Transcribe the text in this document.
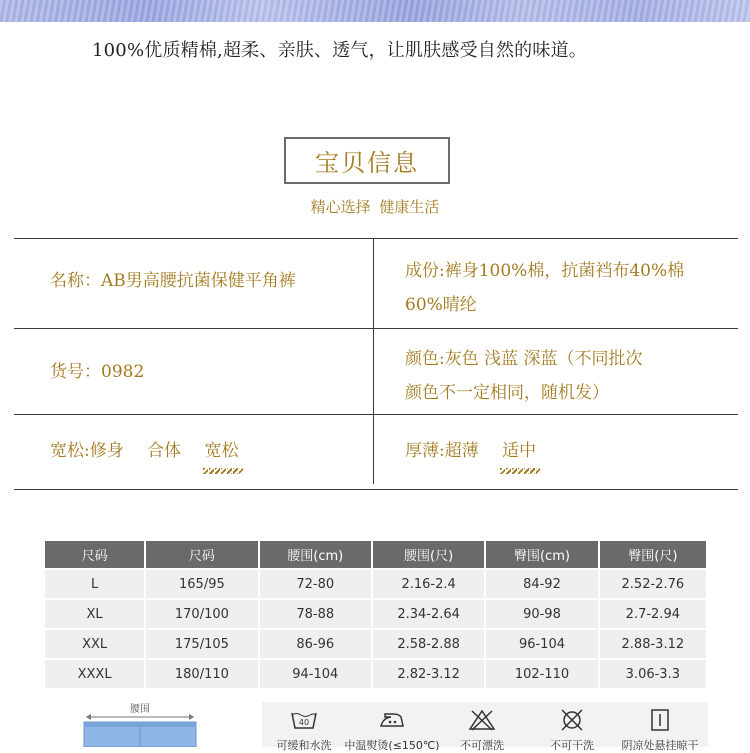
100%优质精棉,超柔、亲肤、透气，让肌肤感受自然的味道。
宝贝信息
精心选择 健康生活
名称：AB男高腰抗菌保健平角裤	成份:裤身100%棉，抗菌裆布40%棉
60%晴纶
货号：0982
颜色:灰色 浅蓝 深蓝（不同批次
颜色不一定相同，随机发）
宽松:修身 合体 宽松	厚薄:超薄 适中
尺码	尺码	腰围(cm)	腰围(尺)	臀围(cm)	臀围(尺)
L	165/95	72-80	2.16-2.4	84-92	2.52-2.76
XL	170/100	78-88	2.34-2.64	90-98	2.7-2.94
XXL	175/105	86-96	2.58-2.88	96-104	2.88-3.12
XXXL	180/110	94-104	2.82-3.12	102-110	3.06-3.3
腰围
40
可缓和水洗	中温熨烫(≤150℃)	不可漂洗	不可干洗	阴凉处悬挂晾干
